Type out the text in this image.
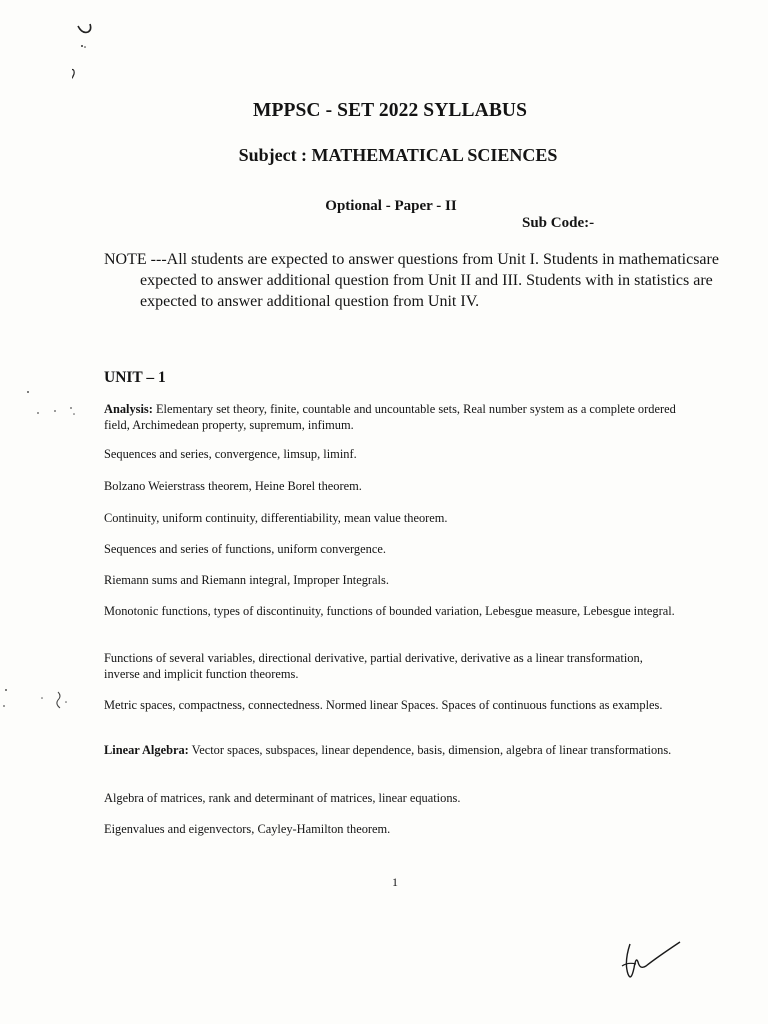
MPPSC - SET 2022 SYLLABUS
Subject : MATHEMATICAL SCIENCES
Optional - Paper - II
Sub Code:-
NOTE ---All students are expected to answer questions from Unit I. Students in mathematicsare expected to answer additional question from Unit II and III. Students with in statistics are expected to answer additional question from Unit IV.
UNIT – 1
Analysis: Elementary set theory, finite, countable and uncountable sets, Real number system as a complete ordered field, Archimedean property, supremum, infimum.
Sequences and series, convergence, limsup, liminf.
Bolzano Weierstrass theorem, Heine Borel theorem.
Continuity, uniform continuity, differentiability, mean value theorem.
Sequences and series of functions, uniform convergence.
Riemann sums and Riemann integral, Improper Integrals.
Monotonic functions, types of discontinuity, functions of bounded variation, Lebesgue measure, Lebesgue integral.
Functions of several variables, directional derivative, partial derivative, derivative as a linear transformation, inverse and implicit function theorems.
Metric spaces, compactness, connectedness. Normed linear Spaces. Spaces of continuous functions as examples.
Linear Algebra: Vector spaces, subspaces, linear dependence, basis, dimension, algebra of linear transformations.
Algebra of matrices, rank and determinant of matrices, linear equations.
Eigenvalues and eigenvectors, Cayley-Hamilton theorem.
1
